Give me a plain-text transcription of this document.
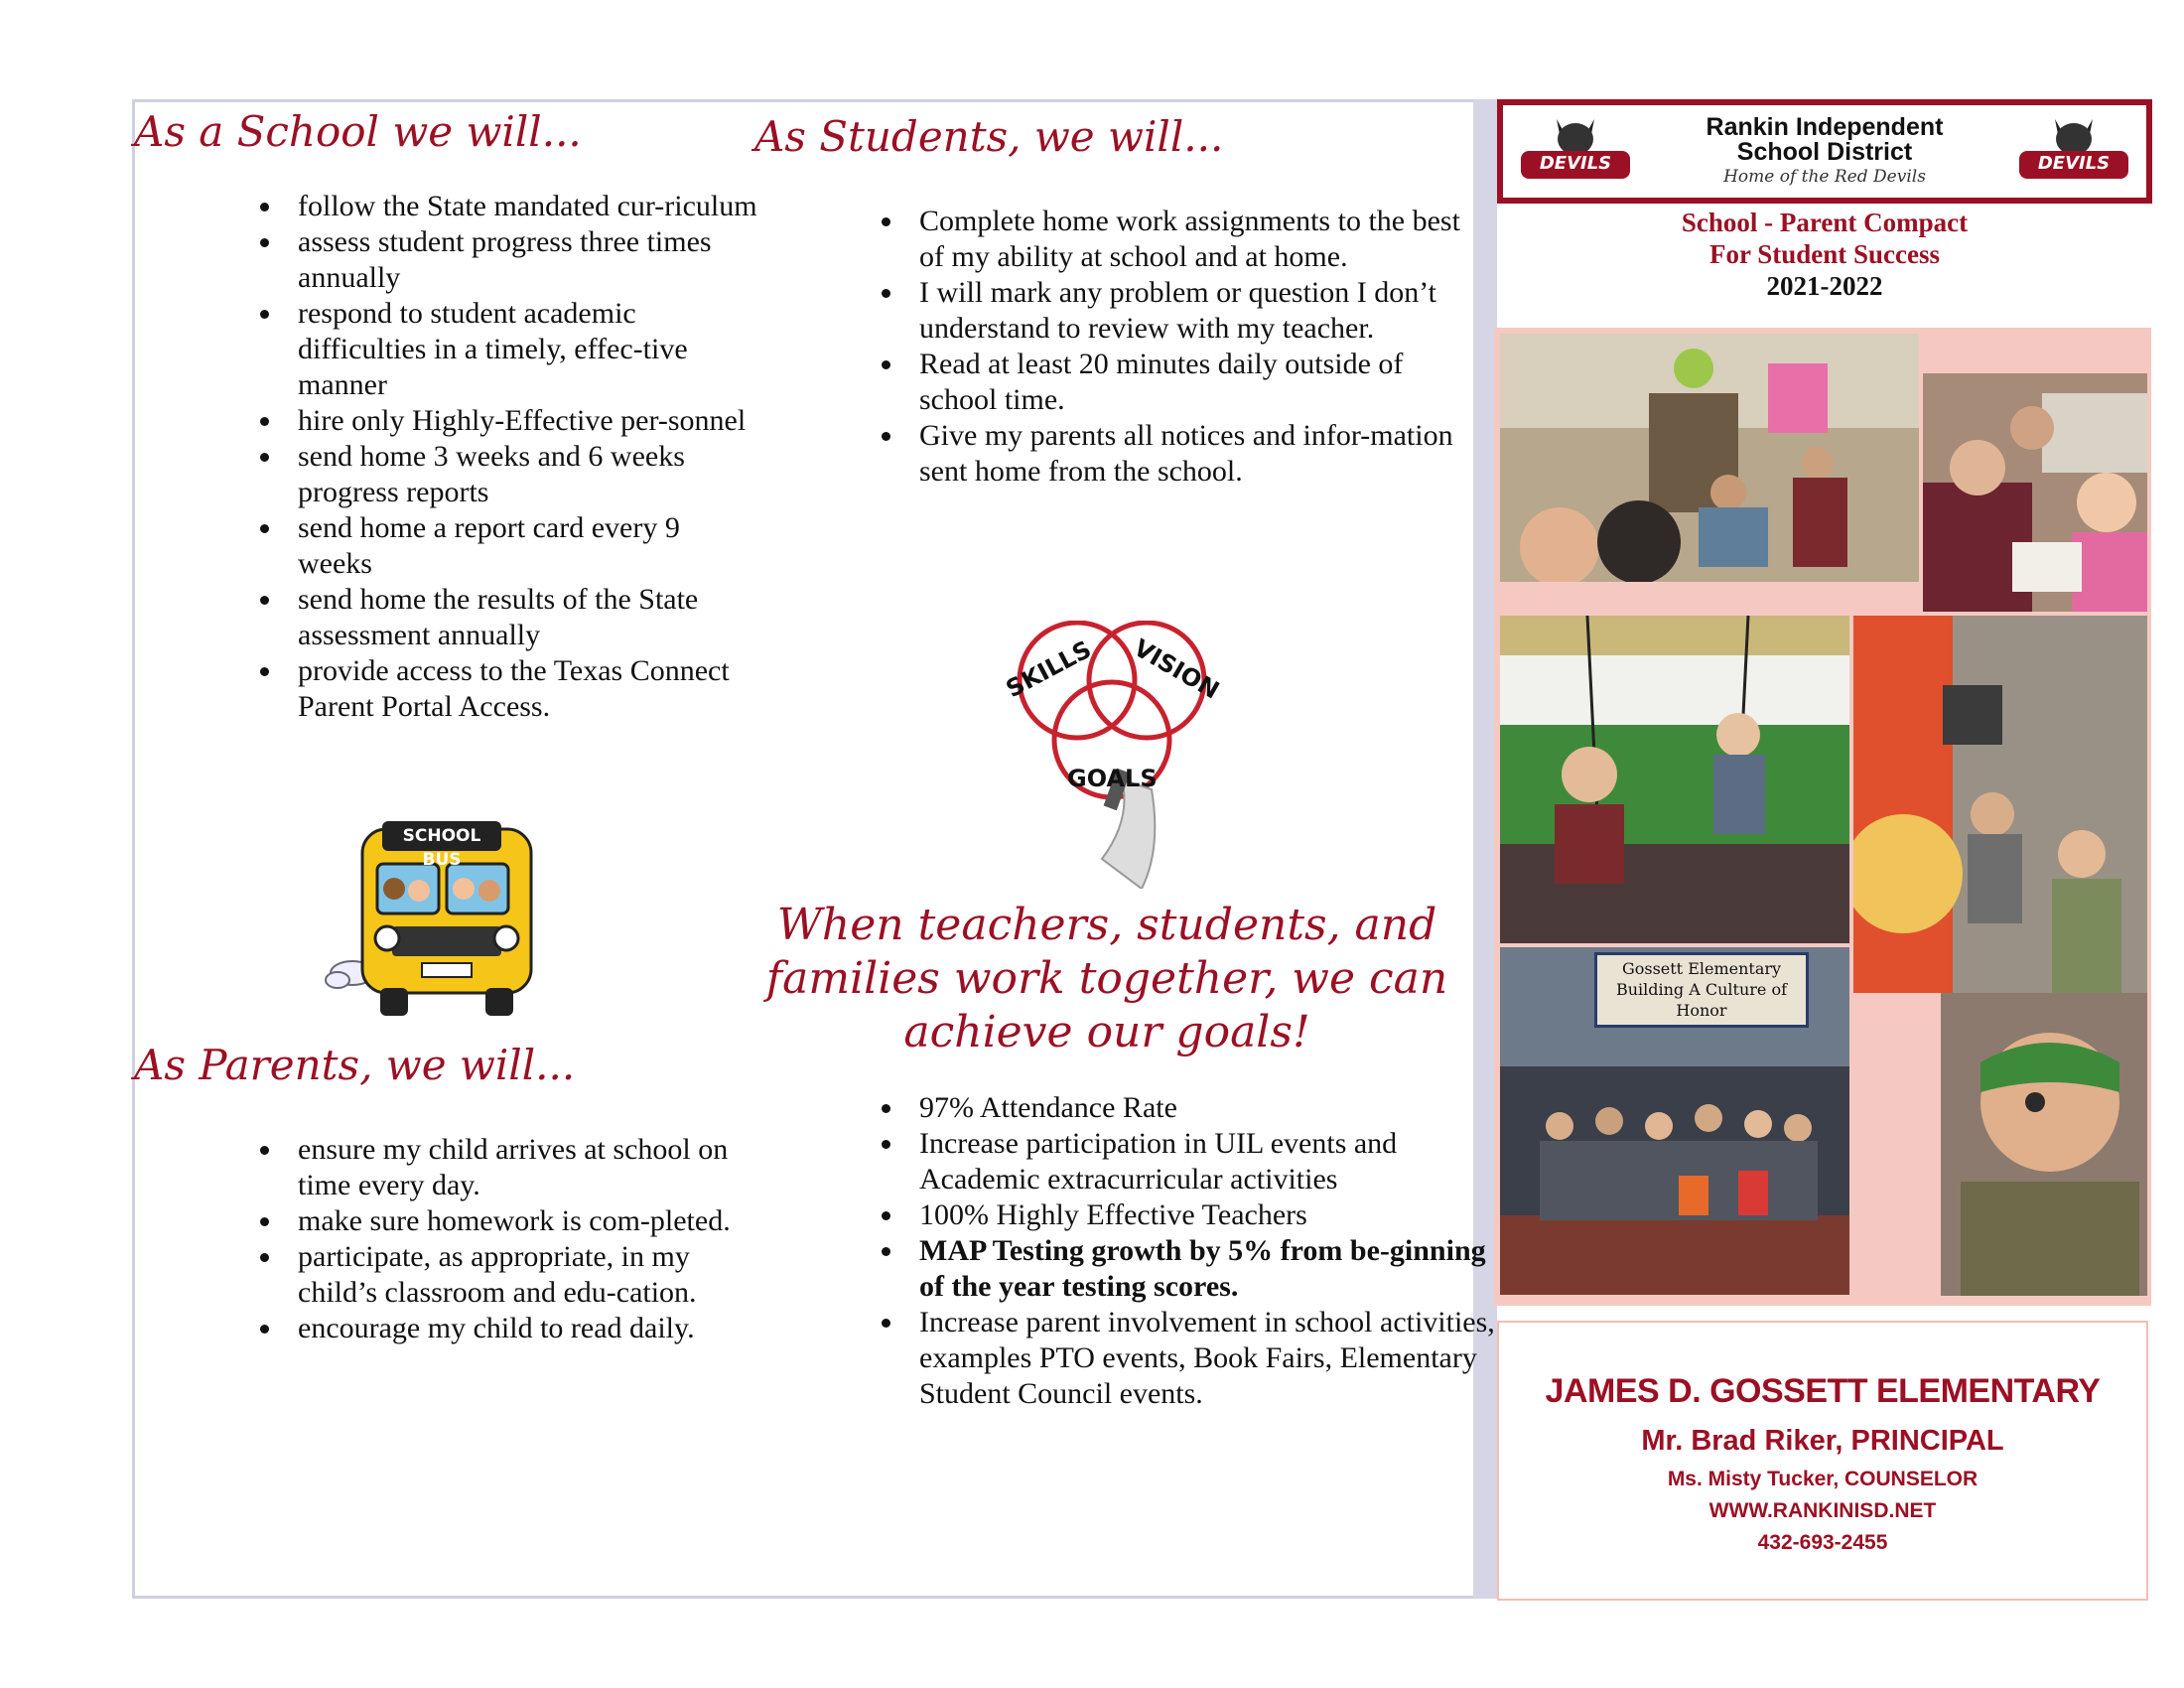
As a School we will...
• follow the State mandated cur-riculum
• assess student progress three times annually
• respond to student academic difficulties in a timely, effec-tive manner
• hire only Highly-Effective per-sonnel
• send home 3 weeks and 6 weeks progress reports
• send home a report card every 9 weeks
• send home the results of the State assessment annually
• provide access to the Texas Connect Parent Portal Access.
SCHOOL BUS
As Parents, we will...
• ensure my child arrives at school on time every day.
• make sure homework is com-pleted.
• participate, as appropriate, in my child’s classroom and edu-cation.
• encourage my child to read daily.
As Students, we will...
• Complete home work assignments to the best of my ability at school and at home.
• I will mark any problem or question I don’t understand to review with my teacher.
• Read at least 20 minutes daily outside of school time.
• Give my parents all notices and infor-mation sent home from the school.
SKILLS VISION
GOALS

When teachers, students, and families work together, we can achieve our goals!

• 97% Attendance Rate
• Increase participation in UIL events and Academic extracurricular activities
• 100% Highly Effective Teachers
• MAP Testing growth by 5% from be-ginning of the year testing scores.
• Increase parent involvement in school activities, examples PTO events, Book Fairs, Elementary Student Council events.
DEVILS
Rankin Independent
School District
Home of the Red Devils
DEVILS
School - Parent Compact
For Student Success
2021-2022
Gossett Elementary Building A Culture of Honor
JAMES D. GOSSETT ELEMENTARY
Mr. Brad Riker, PRINCIPAL
Ms. Misty Tucker, COUNSELOR
WWW.RANKINISD.NET
432-693-2455
